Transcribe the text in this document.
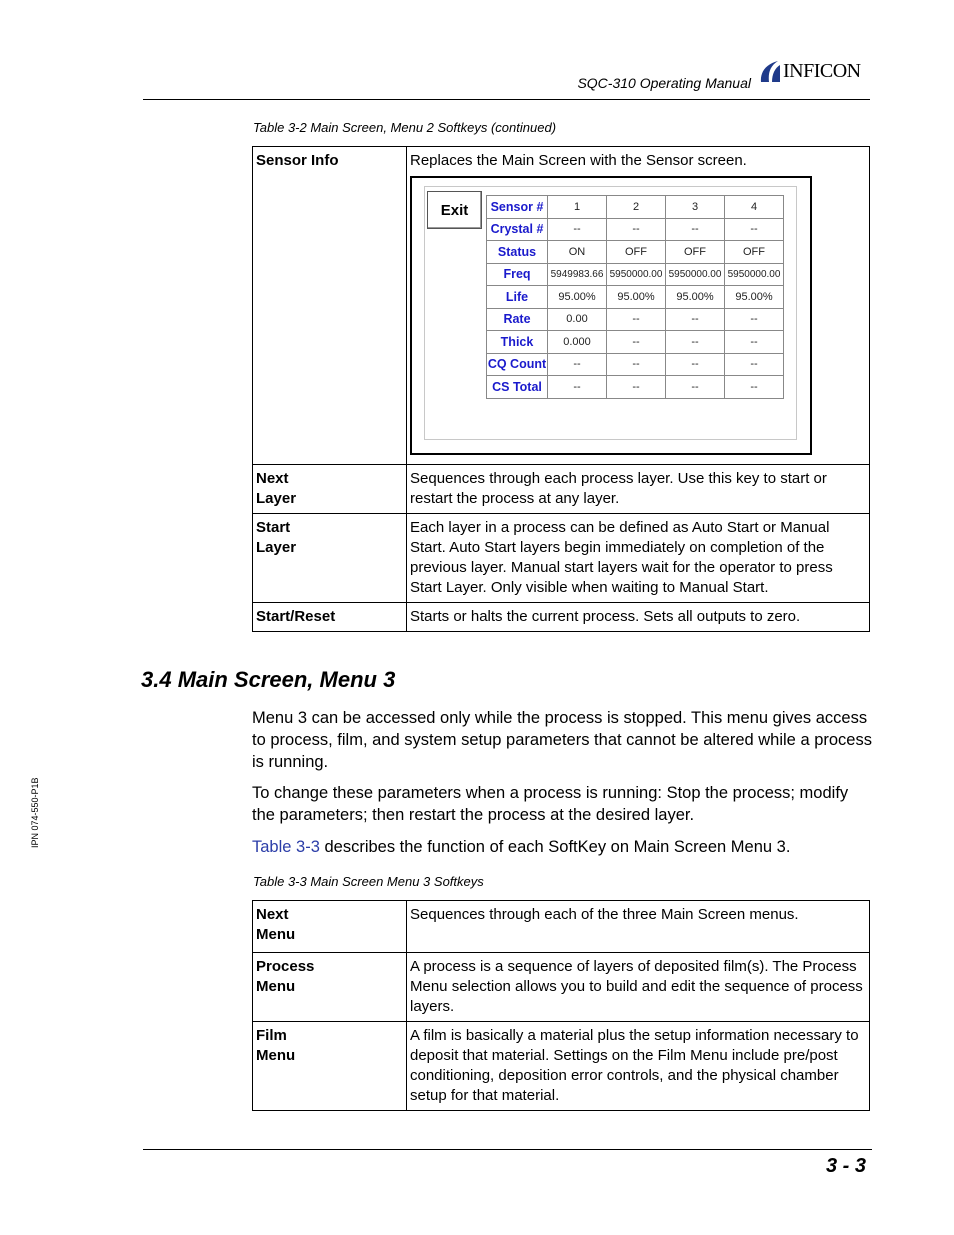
SQC-310 Operating Manual
INFICON
Table 3-2 Main Screen, Menu 2 Softkeys (continued)
Sensor Info	Replaces the Main Screen with the Sensor screen.
Next
Layer	Sequences through each process layer. Use this key to start or restart the process at any layer.
Start
Layer	Each layer in a process can be defined as Auto Start or Manual Start. Auto Start layers begin immediately on completion of the previous layer. Manual start layers wait for the operator to press Start Layer. Only visible when waiting to Manual Start.
Start/Reset	Starts or halts the current process. Sets all outputs to zero.
Exit	Sensor #	1	2	3	4
Crystal #	--	--	--	--
Status	ON	OFF	OFF	OFF
Freq	5949983.66	5950000.00	5950000.00	5950000.00
Life	95.00%	95.00%	95.00%	95.00%
Rate	0.00	--	--	--
Thick	0.000	--	--	--
CQ Count	--	--	--	--
CS Total	--	--	--	--
3.4 Main Screen, Menu 3
Menu 3 can be accessed only while the process is stopped. This menu gives access to process, film, and system setup parameters that cannot be altered while a process is running.
To change these parameters when a process is running: Stop the process; modify the parameters; then restart the process at the desired layer.
Table 3-3 describes the function of each SoftKey on Main Screen Menu 3.
Table 3-3 Main Screen Menu 3 Softkeys
Next
Menu	Sequences through each of the three Main Screen menus.
Process
Menu	A process is a sequence of layers of deposited film(s). The Process Menu selection allows you to build and edit the sequence of process layers.
Film
Menu	A film is basically a material plus the setup information necessary to deposit that material. Settings on the Film Menu include pre/post conditioning, deposition error controls, and the physical chamber setup for that material.
IPN 074-550-P1B
3 - 3
